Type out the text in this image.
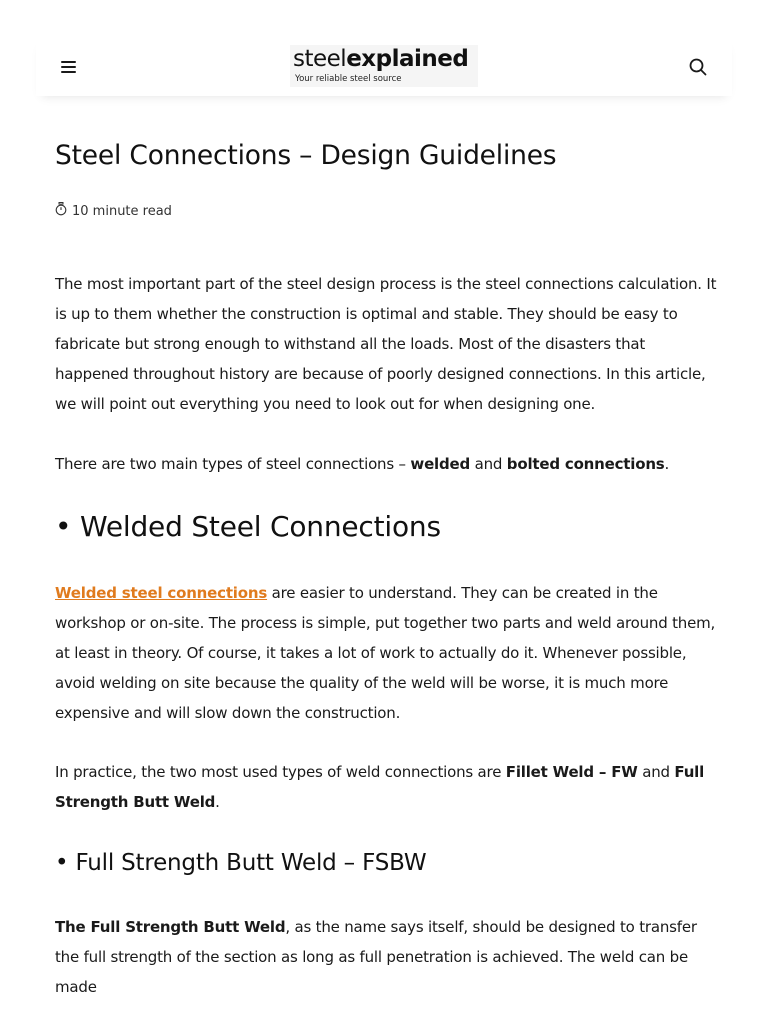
steelexplained
Your reliable steel source
Steel Connections – Design Guidelines
10 minute read

The most important part of the steel design process is the steel connections calculation. It is up to them whether the construction is optimal and stable. They should be easy to fabricate but strong enough to withstand all the loads. Most of the disasters that happened throughout history are because of poorly designed connections. In this article, we will point out everything you need to look out for when designing one.

There are two main types of steel connections – welded and bolted connections.

• Welded Steel Connections

Welded steel connections are easier to understand. They can be created in the workshop or on-site. The process is simple, put together two parts and weld around them, at least in theory. Of course, it takes a lot of work to actually do it. Whenever possible, avoid welding on site because the quality of the weld will be worse, it is much more expensive and will slow down the construction.

In practice, the two most used types of weld connections are Fillet Weld – FW and Full Strength Butt Weld.

• Full Strength Butt Weld – FSBW

The Full Strength Butt Weld, as the name says itself, should be designed to transfer the full strength of the section as long as full penetration is achieved. The weld can be made
